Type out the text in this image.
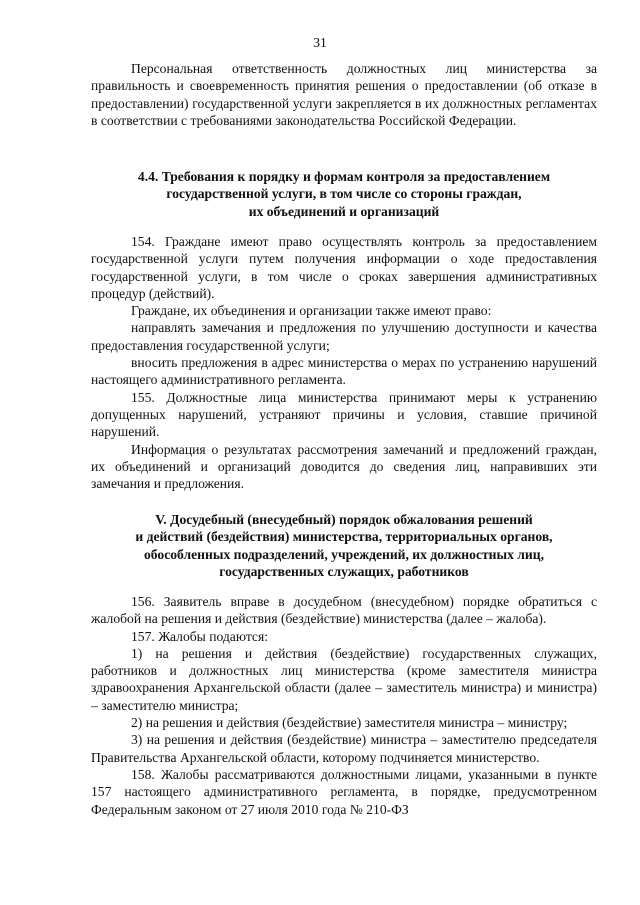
31

Персональная ответственность должностных лиц министерства за правильность и своевременность принятия решения о предоставлении (об отказе в предоставлении) государственной услуги закрепляется в их должностных регламентах в соответствии с требованиями законодательства Российской Федерации.

4.4. Требования к порядку и формам контроля за предоставлением
государственной услуги, в том числе со стороны граждан,
их объединений и организаций

154. Граждане имеют право осуществлять контроль за предоставлением государственной услуги путем получения информации о ходе предоставления государственной услуги, в том числе о сроках завершения административных процедур (действий).

Граждане, их объединения и организации также имеют право:

направлять замечания и предложения по улучшению доступности и качества предоставления государственной услуги;

вносить предложения в адрес министерства о мерах по устранению нарушений настоящего административного регламента.

155. Должностные лица министерства принимают меры к устранению допущенных нарушений, устраняют причины и условия, ставшие причиной нарушений.

Информация о результатах рассмотрения замечаний и предложений граждан, их объединений и организаций доводится до сведения лиц, направивших эти замечания и предложения.

V. Досудебный (внесудебный) порядок обжалования решений
и действий (бездействия) министерства, территориальных органов,
обособленных подразделений, учреждений, их должностных лиц,
государственных служащих, работников

156. Заявитель вправе в досудебном (внесудебном) порядке обратиться с жалобой на решения и действия (бездействие) министерства (далее – жалоба).

157. Жалобы подаются:

1) на решения и действия (бездействие) государственных служащих, работников и должностных лиц министерства (кроме заместителя министра здравоохранения Архангельской области (далее – заместитель министра) и министра) – заместителю министра;

2) на решения и действия (бездействие) заместителя министра – министру;

3) на решения и действия (бездействие) министра – заместителю председателя Правительства Архангельской области, которому подчиняется министерство.

158. Жалобы рассматриваются должностными лицами, указанными в пункте 157 настоящего административного регламента, в порядке, предусмотренном Федеральным законом от 27 июля 2010 года № 210-ФЗ
